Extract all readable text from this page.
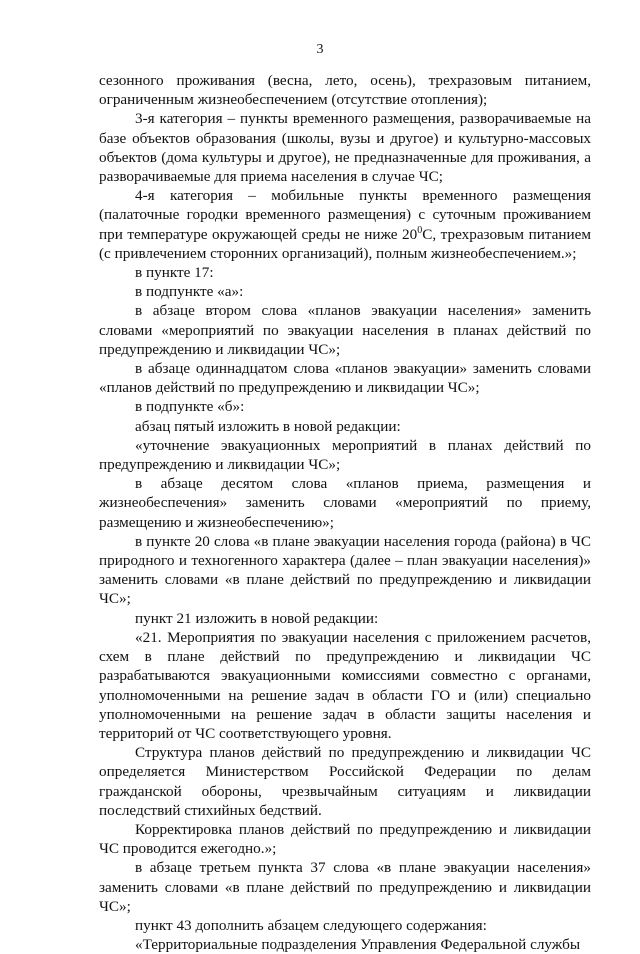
3

сезонного проживания (весна, лето, осень), трехразовым питанием, ограниченным жизнеобеспечением (отсутствие отопления);

3-я категория – пункты временного размещения, разворачиваемые на базе объектов образования (школы, вузы и другое) и культурно-массовых объектов (дома культуры и другое), не предназначенные для проживания, а разворачиваемые для приема населения в случае ЧС;

4-я категория – мобильные пункты временного размещения (палаточные городки временного размещения) с суточным проживанием при температуре окружающей среды не ниже $20^0С$, трехразовым питанием (с привлечением сторонних организаций), полным жизнеобеспечением.»;

в пункте 17:

в подпункте «а»:

в абзаце втором слова «планов эвакуации населения» заменить словами «мероприятий по эвакуации населения в планах действий по предупреждению и ликвидации ЧС»;

в абзаце одиннадцатом слова «планов эвакуации» заменить словами «планов действий по предупреждению и ликвидации ЧС»;

в подпункте «б»:

абзац пятый изложить в новой редакции:

«уточнение эвакуационных мероприятий в планах действий по предупреждению и ликвидации ЧС»;

в абзаце десятом слова «планов приема, размещения и жизнеобеспечения» заменить словами «мероприятий по приему, размещению и жизнеобеспечению»;

в пункте 20 слова «в плане эвакуации населения города (района) в ЧС природного и техногенного характера (далее – план эвакуации населения)» заменить словами «в плане действий по предупреждению и ликвидации ЧС»;

пункт 21 изложить в новой редакции:

«21. Мероприятия по эвакуации населения с приложением расчетов, схем в плане действий по предупреждению и ликвидации ЧС разрабатываются эвакуационными комиссиями совместно с органами, уполномоченными на решение задач в области ГО и (или) специально уполномоченными на решение задач в области защиты населения и территорий от ЧС соответствующего уровня.

Структура планов действий по предупреждению и ликвидации ЧС определяется Министерством Российской Федерации по делам гражданской обороны, чрезвычайным ситуациям и ликвидации последствий стихийных бедствий.

Корректировка планов действий по предупреждению и ликвидации ЧС проводится ежегодно.»;

в абзаце третьем пункта 37 слова «в плане эвакуации населения» заменить словами «в плане действий по предупреждению и ликвидации ЧС»;

пункт 43 дополнить абзацем следующего содержания:

«Территориальные подразделения Управления Федеральной службы
